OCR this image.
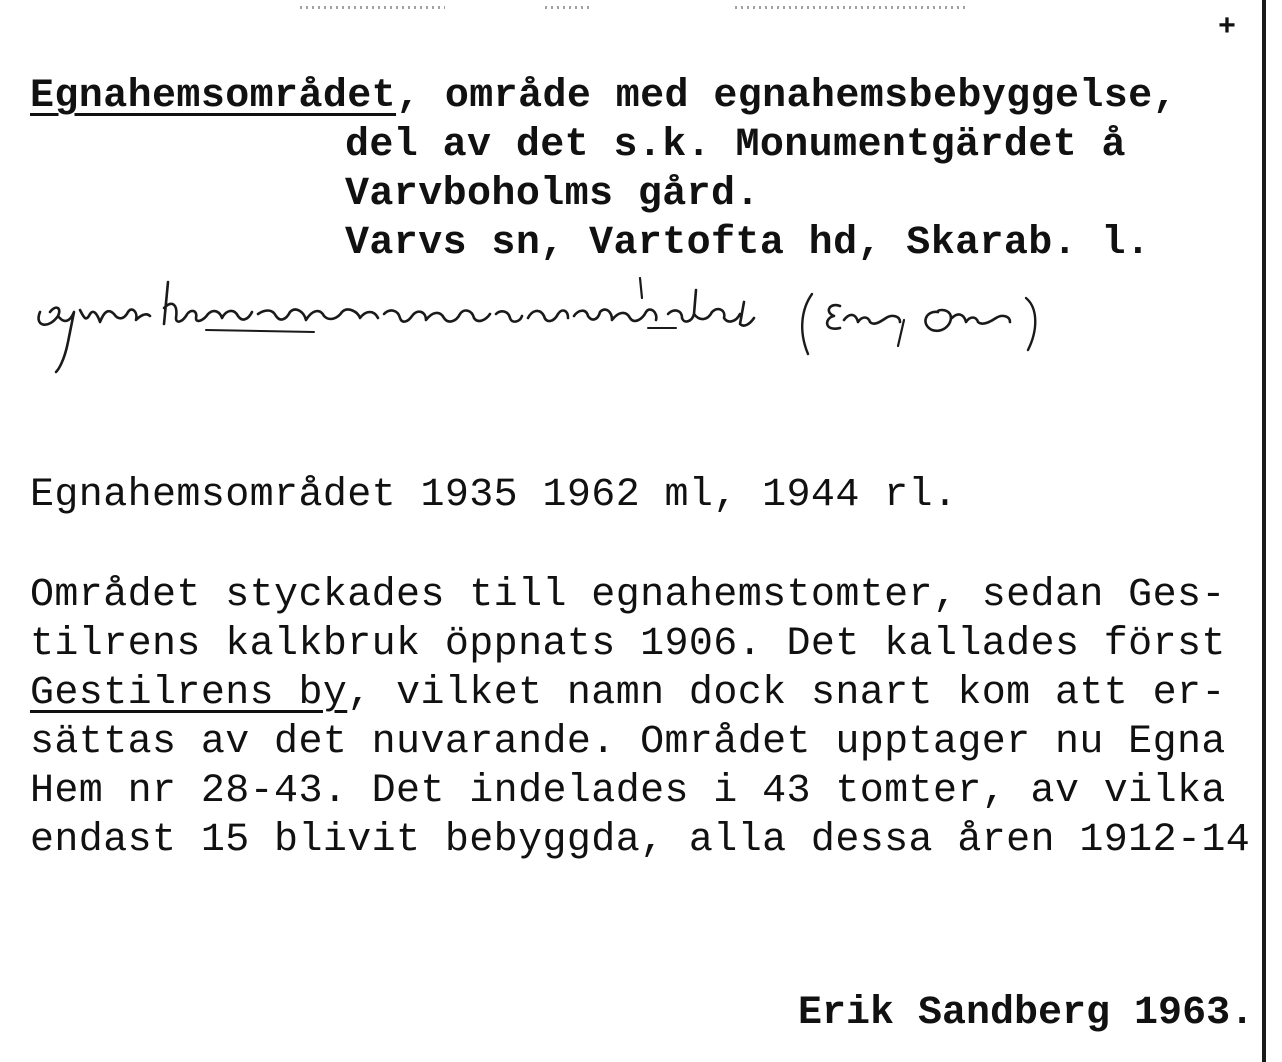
+
Egnahemsområdet, område med egnahemsbebyggelse,
del av det s.k. Monumentgärdet å
Varvboholms gård.
Varvs sn, Vartofta hd, Skarab. l.
Egnahemsområdet 1935 1962 ml, 1944 rl.
Området styckades till egnahemstomter, sedan Ges-
tilrens kalkbruk öppnats 1906. Det kallades först
Gestilrens by, vilket namn dock snart kom att er-
sättas av det nuvarande. Området upptager nu Egna
Hem nr 28-43. Det indelades i 43 tomter, av vilka
endast 15 blivit bebyggda, alla dessa åren 1912-14
Erik Sandberg 1963.
